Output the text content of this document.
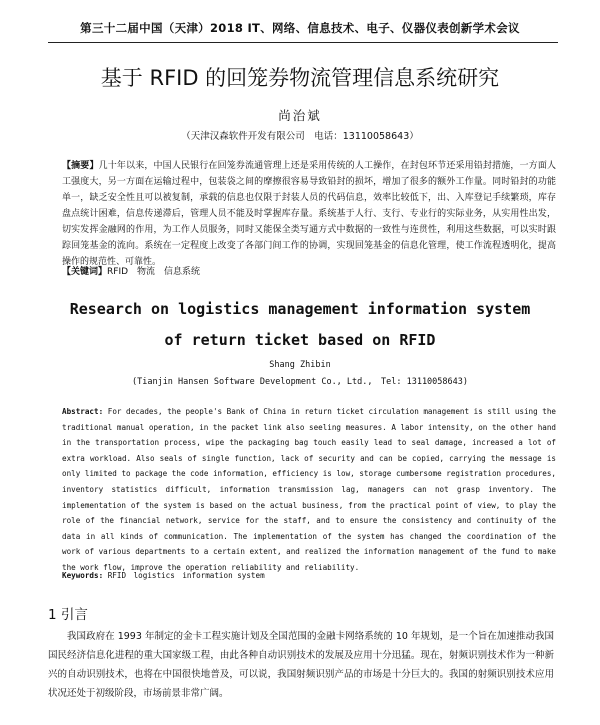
第三十二届中国（天津）2018 IT、网络、信息技术、电子、仪器仪表创新学术会议
基于 RFID 的回笼券物流管理信息系统研究
尚治斌
（天津汉森软件开发有限公司　电话：13110058643）
【摘要】几十年以来，中国人民银行在回笼券流通管理上还是采用传统的人工操作，在封包环节还采用铅封措施，一方面人工强度大，另一方面在运输过程中，包装袋之间的摩擦很容易导致铅封的损坏，增加了很多的额外工作量。同时铅封的功能单一，缺乏安全性且可以被复制，承载的信息也仅限于封装人员的代码信息，效率比较低下，出、入库登记手续繁琐，库存盘点统计困难，信息传递滞后，管理人员不能及时掌握库存量。系统基于人行、支行、专业行的实际业务，从实用性出发，切实发挥金融网的作用，为工作人员服务，同时又能保全类写通方式中数据的一致性与连贯性，利用这些数据，可以实时跟踪回笼基金的流向。系统在一定程度上改变了各部门间工作的协调，实现回笼基金的信息化管理，使工作流程透明化，提高操作的规范性、可靠性。
【关键词】RFID　物流　信息系统
Research on logistics management information system
of return ticket based on RFID
Shang Zhibin
(Tianjin Hansen Software Development Co., Ltd.,　Tel: 13110058643)
Abstract: For decades, the people's Bank of China in return ticket circulation management is still using the traditional manual operation, in the packet link also seeling measures. A labor intensity, on the other hand in the transportation process, wipe the packaging bag touch easily lead to seal damage, increased a lot of extra workload. Also seals of single function, lack of security and can be copied, carrying the message is only limited to package the code information, efficiency is low, storage cumbersome registration procedures, inventory statistics difficult, information transmission lag, managers can not grasp inventory. The implementation of the system is based on the actual business, from the practical point of view, to play the role of the financial network, service for the staff, and to ensure the consistency and continuity of the data in all kinds of communication. The implementation of the system has changed the coordination of the work of various departments to a certain extent, and realized the information management of the fund to make the work flow, improve the operation reliability and reliability.
Keywords: RFID　logistics　information system
1 引言
我国政府在 1993 年制定的金卡工程实施计划及全国范围的金融卡网络系统的 10 年规划，是一个旨在加速推动我国国民经济信息化进程的重大国家级工程，由此各种自动识别技术的发展及应用十分迅猛。现在，射频识别技术作为一种新兴的自动识别技术，也将在中国很快地普及，可以说，我国射频识别产品的市场是十分巨大的。我国的射频识别技术应用状况还处于初级阶段，市场前景非常广阔。
